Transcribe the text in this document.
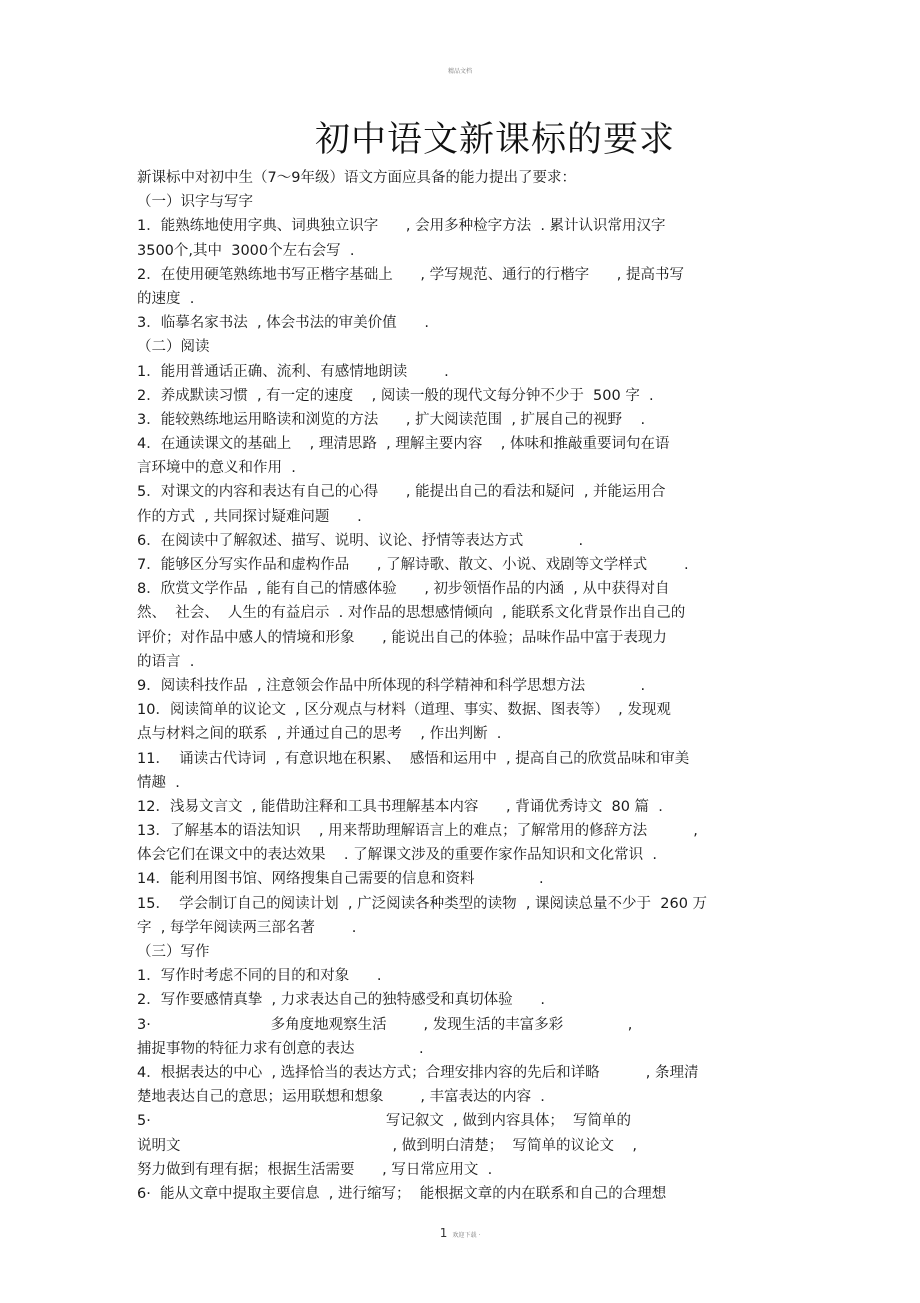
精品文档
初中语文新课标的要求
新课标中对初中生（7～9年级）语文方面应具备的能力提出了要求：
（一）识字与写字
1．能熟练地使用字典、词典独立识字      , 会用多种检字方法  . 累计认识常用汉字
3500个,其中  3000个左右会写  .
2．在使用硬笔熟练地书写正楷字基础上      , 学写规范、通行的行楷字      , 提高书写
的速度  .
3．临摹名家书法  , 体会书法的审美价值      .
（二）阅读
1．能用普通话正确、流利、有感情地朗读        .
2．养成默读习惯  , 有一定的速度    , 阅读一般的现代文每分钟不少于  500 字  .
3．能较熟练地运用略读和浏览的方法      , 扩大阅读范围  , 扩展自己的视野    .
4．在通读课文的基础上    , 理清思路  , 理解主要内容    , 体味和推敲重要词句在语
言环境中的意义和作用  .
5．对课文的内容和表达有自己的心得      , 能提出自己的看法和疑问  , 并能运用合
作的方式  , 共同探讨疑难问题      .
6．在阅读中了解叙述、描写、说明、议论、抒情等表达方式            .
7．能够区分写实作品和虚构作品      , 了解诗歌、散文、小说、戏剧等文学样式        .
8．欣赏文学作品  , 能有自己的情感体验      , 初步领悟作品的内涵  , 从中获得对自
然、  社会、  人生的有益启示  . 对作品的思想感情倾向  , 能联系文化背景作出自己的
评价；对作品中感人的情境和形象      , 能说出自己的体验；品味作品中富于表现力
的语言  .
9．阅读科技作品  , 注意领会作品中所体现的科学精神和科学思想方法            .
10．阅读简单的议论文  , 区分观点与材料（道理、事实、数据、图表等）  , 发现观
点与材料之间的联系  , 并通过自己的思考    , 作出判断  .
11．  诵读古代诗词  , 有意识地在积累、  感悟和运用中  , 提高自己的欣赏品味和审美
情趣  .
12．浅易文言文  , 能借助注释和工具书理解基本内容      , 背诵优秀诗文  80 篇  .
13．了解基本的语法知识    , 用来帮助理解语言上的难点；了解常用的修辞方法          ,
体会它们在课文中的表达效果    . 了解课文涉及的重要作家作品知识和文化常识  .
14．能利用图书馆、网络搜集自己需要的信息和资料              .
15．  学会制订自己的阅读计划  , 广泛阅读各种类型的读物  , 课阅读总量不少于  260 万
字  , 每学年阅读两三部名著        .
（三）写作
1．写作时考虑不同的目的和对象      .
2．写作要感情真挚  , 力求表达自己的独特感受和真切体验      .
3·                          多角度地观察生活        , 发现生活的丰富多彩              ,
捕捉事物的特征力求有创意的表达              .
4．根据表达的中心  , 选择恰当的表达方式；合理安排内容的先后和详略          , 条理清
楚地表达自己的意思；运用联想和想象        , 丰富表达的内容  .
5·                                                   写记叙文  , 做到内容具体；  写简单的
说明文                                              , 做到明白清楚；  写简单的议论文    ,
努力做到有理有据；根据生活需要      , 写日常应用文  .
6·  能从文章中提取主要信息  , 进行缩写；  能根据文章的内在联系和自己的合理想
1 欢迎下载 ·
